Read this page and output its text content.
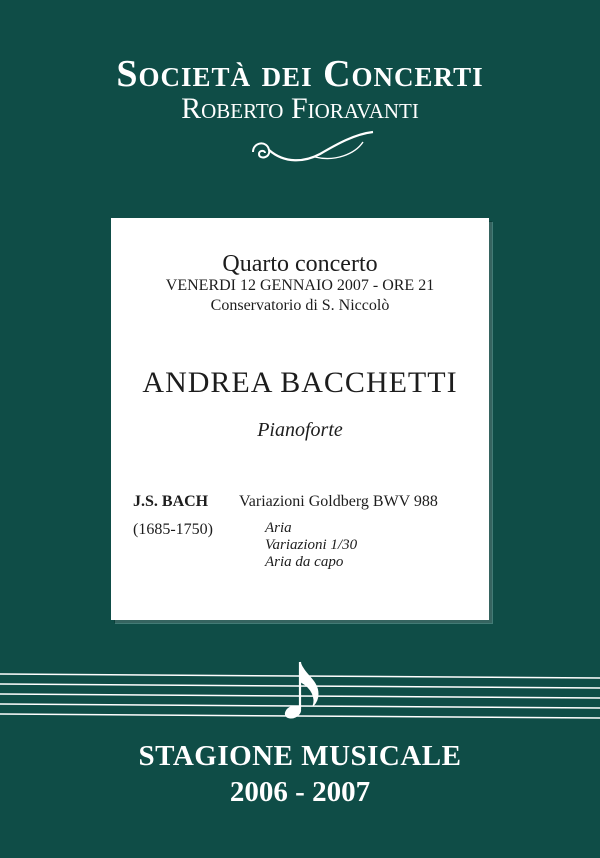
Società dei Concerti
Roberto Fioravanti
Quarto concerto
VENERDI 12 GENNAIO 2007 - ORE 21
Conservatorio di S. Niccolò
ANDREA BACCHETTI
Pianoforte
J.S. BACH
(1685-1750)
Variazioni Goldberg BWV 988
Aria
Variazioni 1/30
Aria da capo
STAGIONE MUSICALE
2006 - 2007
